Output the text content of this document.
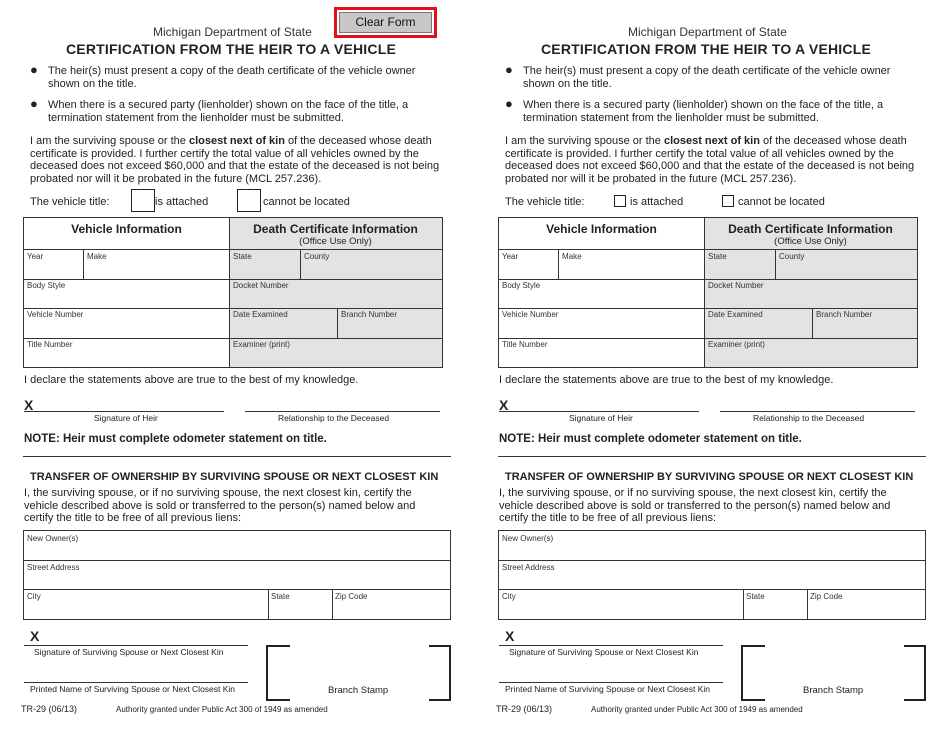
Clear Form
Michigan Department of State
CERTIFICATION FROM THE HEIR TO A VEHICLE
● The heir(s) must present a copy of the death certificate of the vehicle owner
shown on the title.
● When there is a secured party (lienholder) shown on the face of the title, a
termination statement from the lienholder must be submitted.
I am the surviving spouse or the closest next of kin of the deceased whose death
certificate is provided. I further certify the total value of all vehicles owned by the
deceased does not exceed $60,000 and that the estate of the deceased is not being
probated nor will it be probated in the future (MCL 257.236).
The vehicle title:	is attached	cannot be located
Vehicle Information	Death Certificate Information
(Office Use Only)
Year	Make	State	County
Body Style	Docket Number
Vehicle Number	Date Examined	Branch Number
Title Number	Examiner (print)
I declare the statements above are true to the best of my knowledge.
X
Signature of Heir	Relationship to the Deceased
NOTE: Heir must complete odometer statement on title.
TRANSFER OF OWNERSHIP BY SURVIVING SPOUSE OR NEXT CLOSEST KIN
I, the surviving spouse, or if no surviving spouse, the next closest kin, certify the
vehicle described above is sold or transferred to the person(s) named below and
certify the title to be free of all previous liens:
New Owner(s)
Street Address
City	State	Zip Code
X
Signature of Surviving Spouse or Next Closest Kin
Printed Name of Surviving Spouse or Next Closest Kin	Branch Stamp
TR-29 (06/13)	Authority granted under Public Act 300 of 1949 as amended
Michigan Department of State
CERTIFICATION FROM THE HEIR TO A VEHICLE
● The heir(s) must present a copy of the death certificate of the vehicle owner
shown on the title.
● When there is a secured party (lienholder) shown on the face of the title, a
termination statement from the lienholder must be submitted.
I am the surviving spouse or the closest next of kin of the deceased whose death
certificate is provided. I further certify the total value of all vehicles owned by the
deceased does not exceed $60,000 and that the estate of the deceased is not being
probated nor will it be probated in the future (MCL 257.236).
The vehicle title:	is attached	cannot be located
Vehicle Information	Death Certificate Information
(Office Use Only)
Year	Make	State	County
Body Style	Docket Number
Vehicle Number	Date Examined	Branch Number
Title Number	Examiner (print)
I declare the statements above are true to the best of my knowledge.
X
Signature of Heir	Relationship to the Deceased
NOTE: Heir must complete odometer statement on title.
TRANSFER OF OWNERSHIP BY SURVIVING SPOUSE OR NEXT CLOSEST KIN
I, the surviving spouse, or if no surviving spouse, the next closest kin, certify the
vehicle described above is sold or transferred to the person(s) named below and
certify the title to be free of all previous liens:
New Owner(s)
Street Address
City	State	Zip Code
X
Signature of Surviving Spouse or Next Closest Kin
Printed Name of Surviving Spouse or Next Closest Kin	Branch Stamp
TR-29 (06/13)	Authority granted under Public Act 300 of 1949 as amended
